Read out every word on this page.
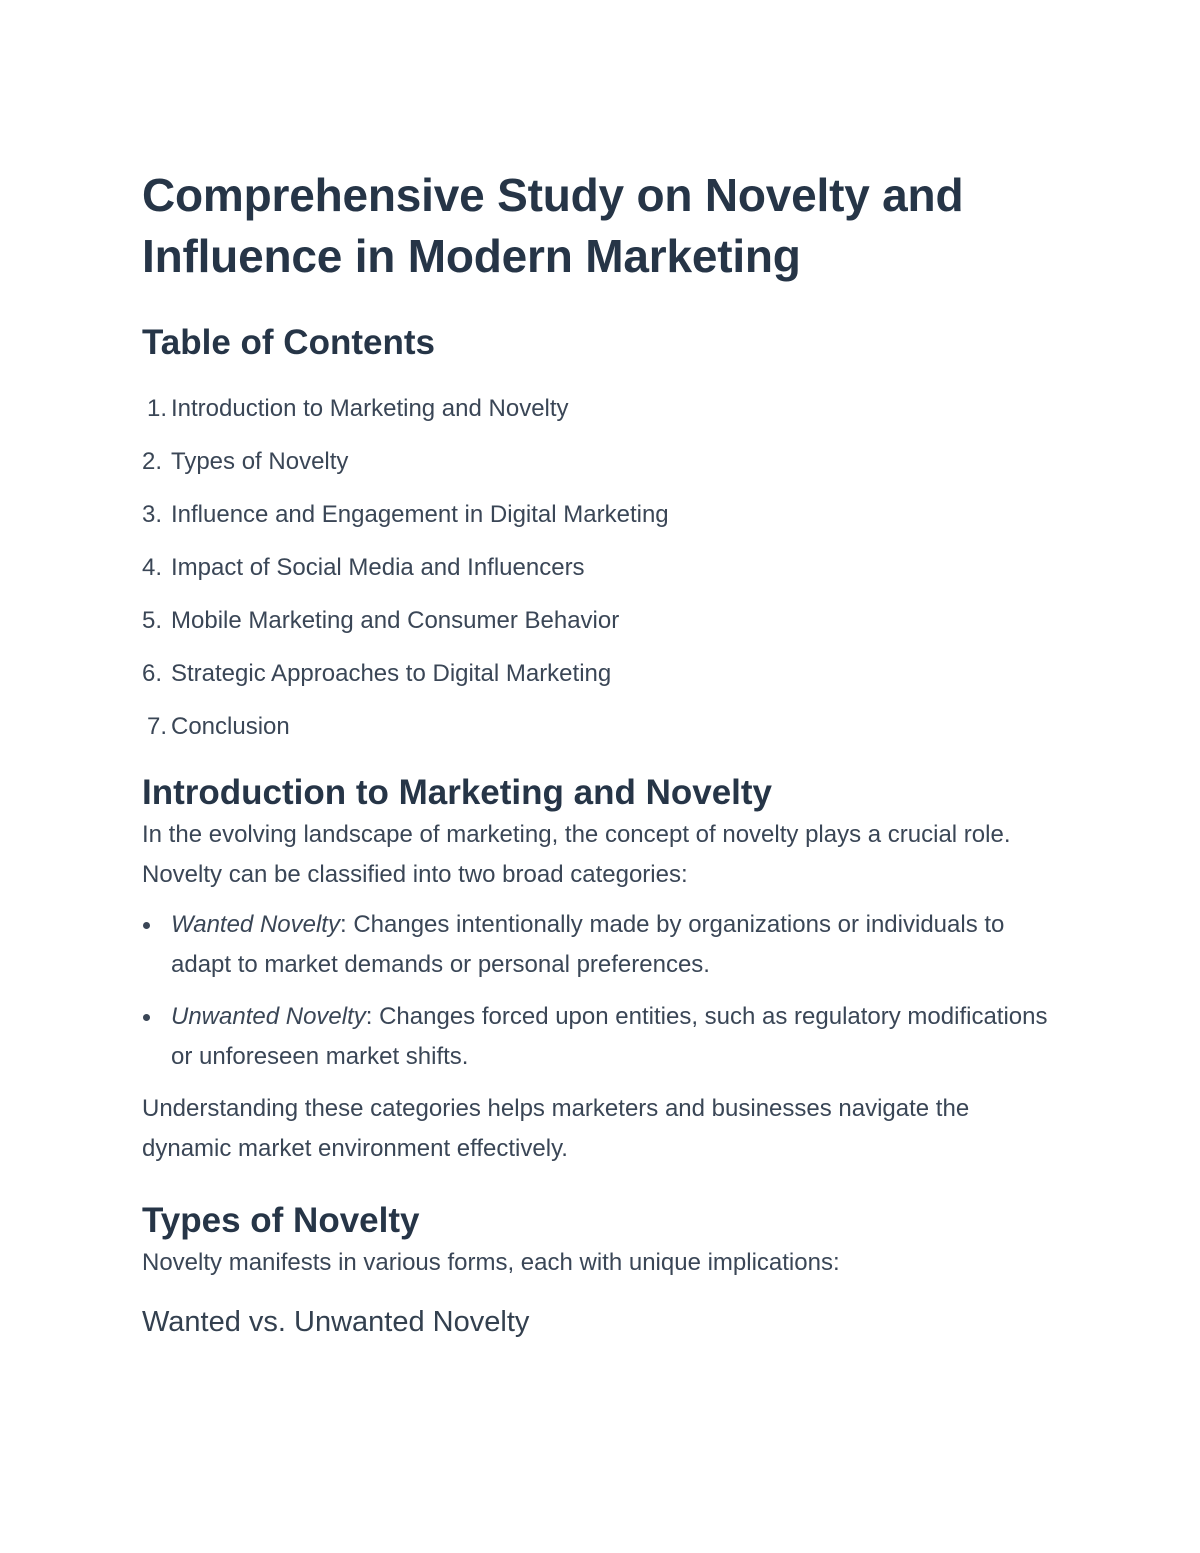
Comprehensive Study on Novelty and Influence in Modern Marketing
Table of Contents
1. Introduction to Marketing and Novelty
2. Types of Novelty
3. Influence and Engagement in Digital Marketing
4. Impact of Social Media and Influencers
5. Mobile Marketing and Consumer Behavior
6. Strategic Approaches to Digital Marketing
7. Conclusion
Introduction to Marketing and Novelty

In the evolving landscape of marketing, the concept of novelty plays a crucial role. Novelty can be classified into two broad categories:

Wanted Novelty: Changes intentionally made by organizations or individuals to adapt to market demands or personal preferences.
Unwanted Novelty: Changes forced upon entities, such as regulatory modifications or unforeseen market shifts.

Understanding these categories helps marketers and businesses navigate the dynamic market environment effectively.

Types of Novelty

Novelty manifests in various forms, each with unique implications:

Wanted vs. Unwanted Novelty
